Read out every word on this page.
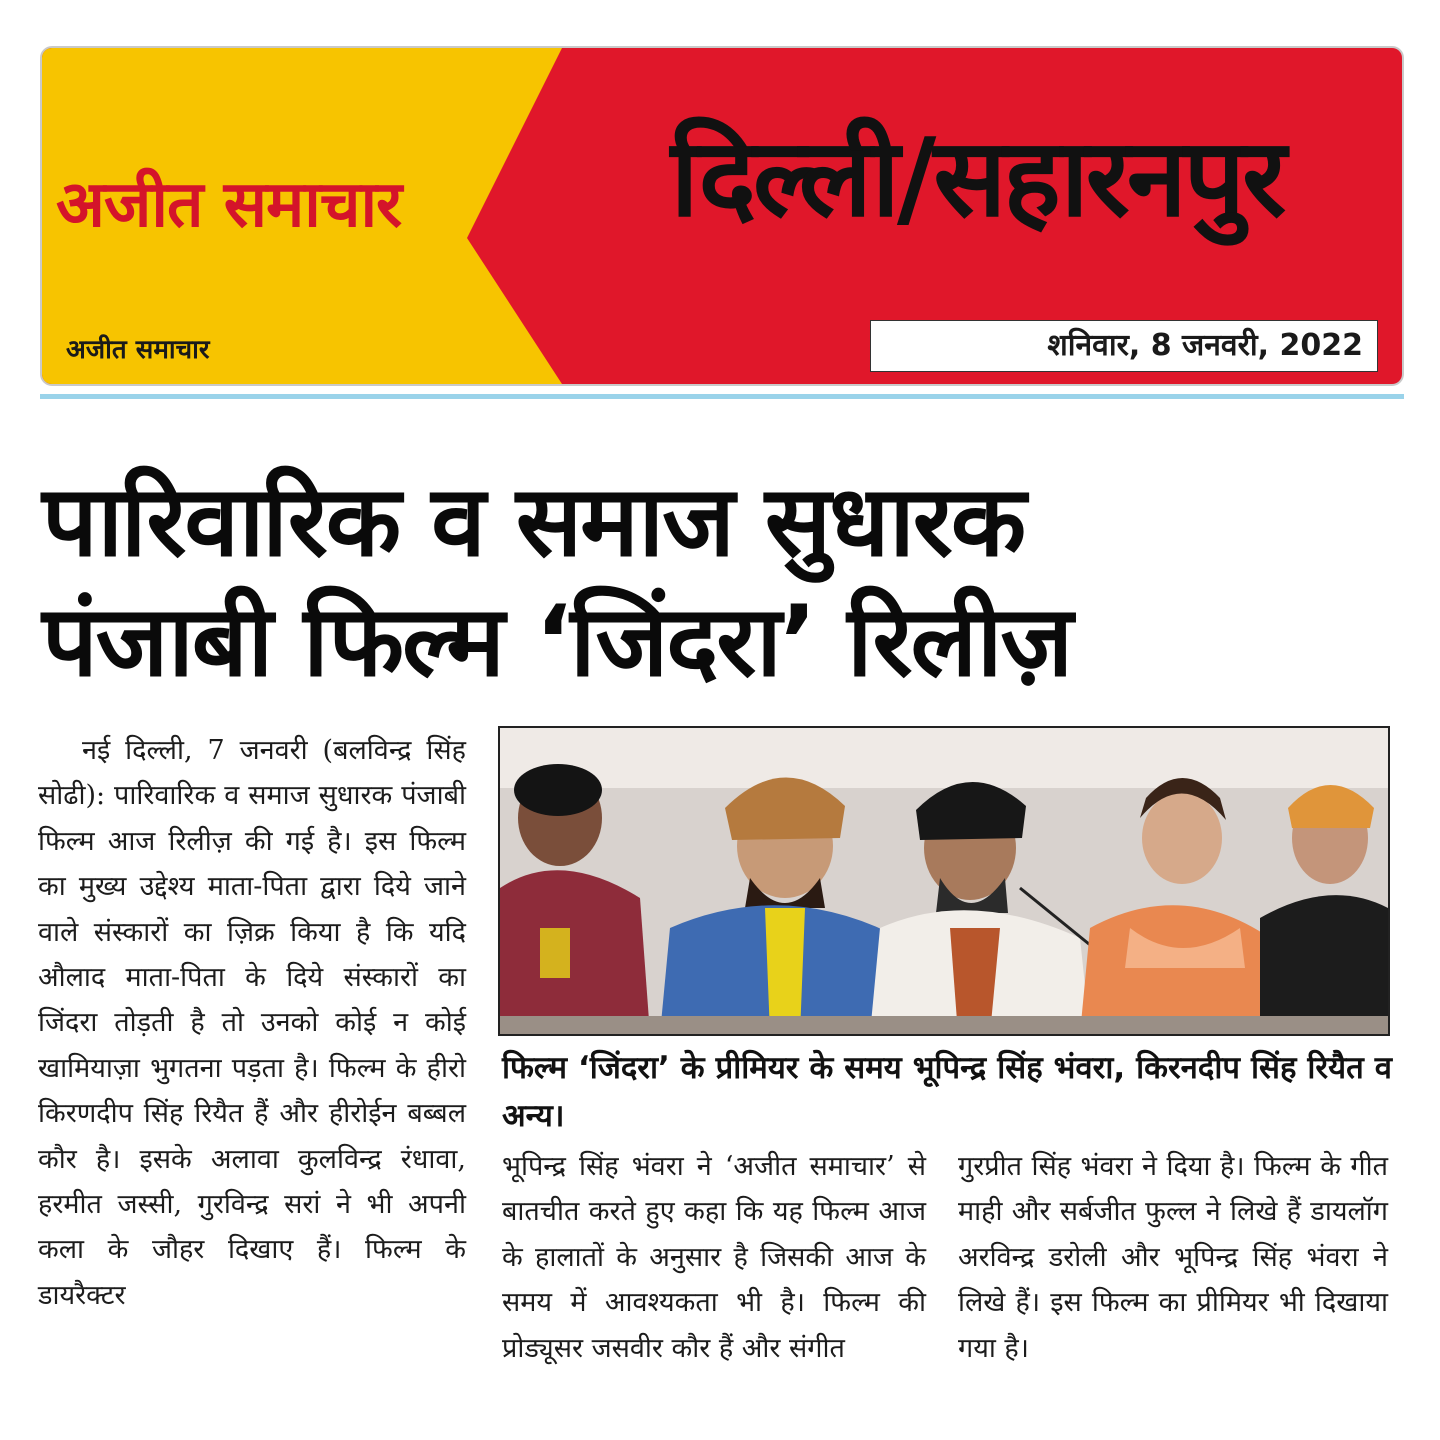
अजीत समाचार
अजीत समाचार
दिल्ली/सहारनपुर
शनिवार, 8 जनवरी, 2022
पारिवारिक व समाज सुधारक
पंजाबी फिल्म ‘जिंदरा’ रिलीज़
नई दिल्ली, 7 जनवरी (बलविन्द्र सिंह सोढी): पारिवारिक व समाज सुधारक पंजाबी फिल्म आज रिलीज़ की गई है। इस फिल्म का मुख्य उद्देश्य माता-पिता द्वारा दिये जाने वाले संस्कारों का ज़िक्र किया है कि यदि औलाद माता-पिता के दिये संस्कारों का जिंदरा तोड़ती है तो उनको कोई न कोई खामियाज़ा भुगतना पड़ता है। फिल्म के हीरो किरणदीप सिंह रियैत हैं और हीरोईन बब्बल कौर है। इसके अलावा कुलविन्द्र रंधावा, हरमीत जस्सी, गुरविन्द्र सरां ने भी अपनी कला के जौहर दिखाए हैं। फिल्म के डायरैक्टर
फिल्म ‘जिंदरा’ के प्रीमियर के समय भूपिन्द्र सिंह भंवरा, किरनदीप सिंह रियैत व अन्य।
भूपिन्द्र सिंह भंवरा ने ‘अजीत समाचार’ से बातचीत करते हुए कहा कि यह फिल्म आज के हालातों के अनुसार है जिसकी आज के समय में आवश्यकता भी है। फिल्म की प्रोड्यूसर जसवीर कौर हैं और संगीत
गुरप्रीत सिंह भंवरा ने दिया है। फिल्म के गीत माही और सर्बजीत फुल्ल ने लिखे हैं डायलॉग अरविन्द्र डरोली और भूपिन्द्र सिंह भंवरा ने लिखे हैं। इस फिल्म का प्रीमियर भी दिखाया गया है।
